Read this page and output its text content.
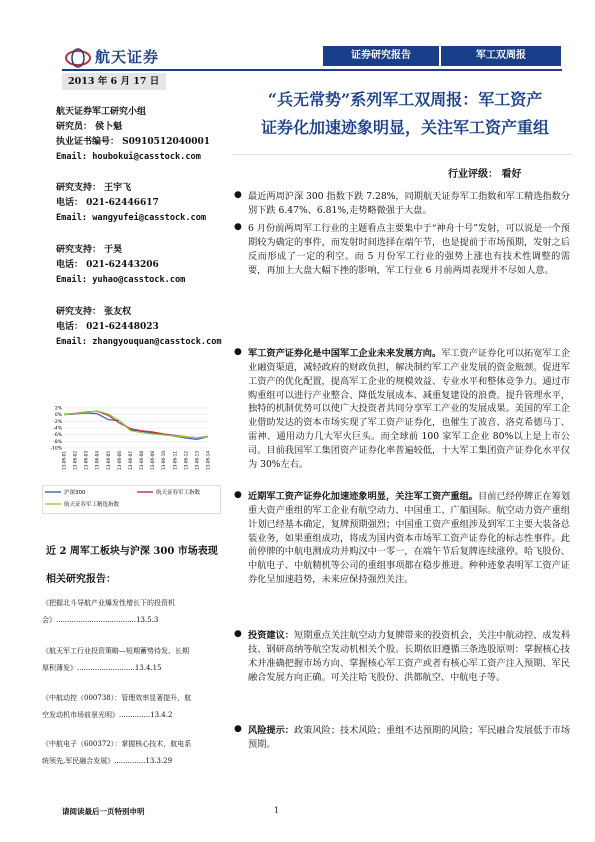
航天证券	证券研究报告	军工双周报
2013 年 6 月 17 日
“兵无常势”系列军工双周报：军工资产
证券化加速迹象明显，关注军工资产重组
行业评级： 看好
航天证券军工研究小组
研究员： 侯卜魁
执业证书编号： S0910512040001
Email: houbokui@casstock.com
研究支持： 王宇飞
电话： 021-62446617
Email: wangyufei@casstock.com
研究支持： 于昊
电话： 021-62443206
Email: yuhao@casstock.com
研究支持： 张友权
电话： 021-62448023
Email: zhangyouquan@casstock.com
2%
0%
-2%
-4%
-6%
-8%
-10%
13-06-01 13-06-02 13-06-03 13-06-04 13-06-05 13-06-06 13-06-07 13-06-08 13-06-09 13-06-10 13-06-11 13-06-12 13-06-13 13-06-14
沪深300	航天证券军工指数
航天证券军工精选指数
近 2 周军工板块与沪深 300 市场表现
相关研究报告：
《把握北斗导航产业爆发性增长下的投资机
会》....................................13.5.3
《航天军工行业投资策略—短期蓄势待发、长期
厚积薄发》..........................13.4.15
《中航动控（000738）：管理效率显著提升，航
空发动机市场前景光明》..............13.4.2
《中航电子（600372）：掌握核心技术，航电系
统领先,军民融合发展》..............13.3.29
● 最近两周沪深 300 指数下跌 7.28%，同期航天证券军工指数和军工精选指数分别下跌 6.47%、6.81%,走势略微强于大盘。
● 6 月份前两周军工行业的主题看点主要集中于“神舟十号”发射，可以说是一个预期较为确定的事件，而发射时间选择在端午节，也是提前于市场预期，发射之后反而形成了一定的利空。而 5 月份军工行业的强势上涨也有技术性调整的需要，再加上大盘大幅下挫的影响，军工行业 6 月前两周表现并不尽如人意。
● 军工资产证券化是中国军工企业未来发展方向。军工资产证券化可以拓宽军工企业融资渠道，减轻政府的财政负担，解决制约军工产业发展的资金瓶颈。促进军工资产的优化配置，提高军工企业的规模效益、专业水平和整体竞争力。通过市购重组可以进行产业整合、降低发展成本、减重复建设的浪费。提升管理水平，独特的机制优势可以使广大投资者共同分享军工产业的发展成果。美国的军工企业借助发达的资本市场实现了军工资产证券化，也催生了波音、洛克希德马丁、雷神、通用动力几大军火巨头。而全球前 100 家军工企业 80%以上是上市公司。目前我国军工集团资产证券化率普遍较低，十大军工集团资产证券化水平仅为 30%左右。
● 近期军工资产证券化加速迹象明显，关注军工资产重组。目前已经停牌正在筹划重大资产重组的军工企业有航空动力、中国重工、广船国际。航空动力资产重组计划已经基本确定，复牌预期强烈；中国重工资产重组涉及到军工主要大装备总装业务，如果重组成功，将成为国内资本市场军工资产证券化的标志性事件。此前停牌的中航电测成功并购汉中一零一，在端午节后复牌连续涨停。哈飞股份、中航电子、中航精机等公司的重组事项都在稳步推进。种种迹象表明军工资产证券化呈加速趋势，未来应保持强烈关注。
● 投资建议：短期重点关注航空动力复牌带来的投资机会，关注中航动控、成发科技、钢研高纳等航空发动机相关个股。长期依旧遵循三条选股原则：掌握核心技术并准确把握市场方向、掌握核心军工资产或者有核心军工资产注入预期、军民融合发展方向正确。可关注哈飞股份、洪都航空、中航电子等。
● 风险提示：政策风险；技术风险；重组不达预期的风险；军民融合发展低于市场预期。
请阅读最后一页特别申明	1
